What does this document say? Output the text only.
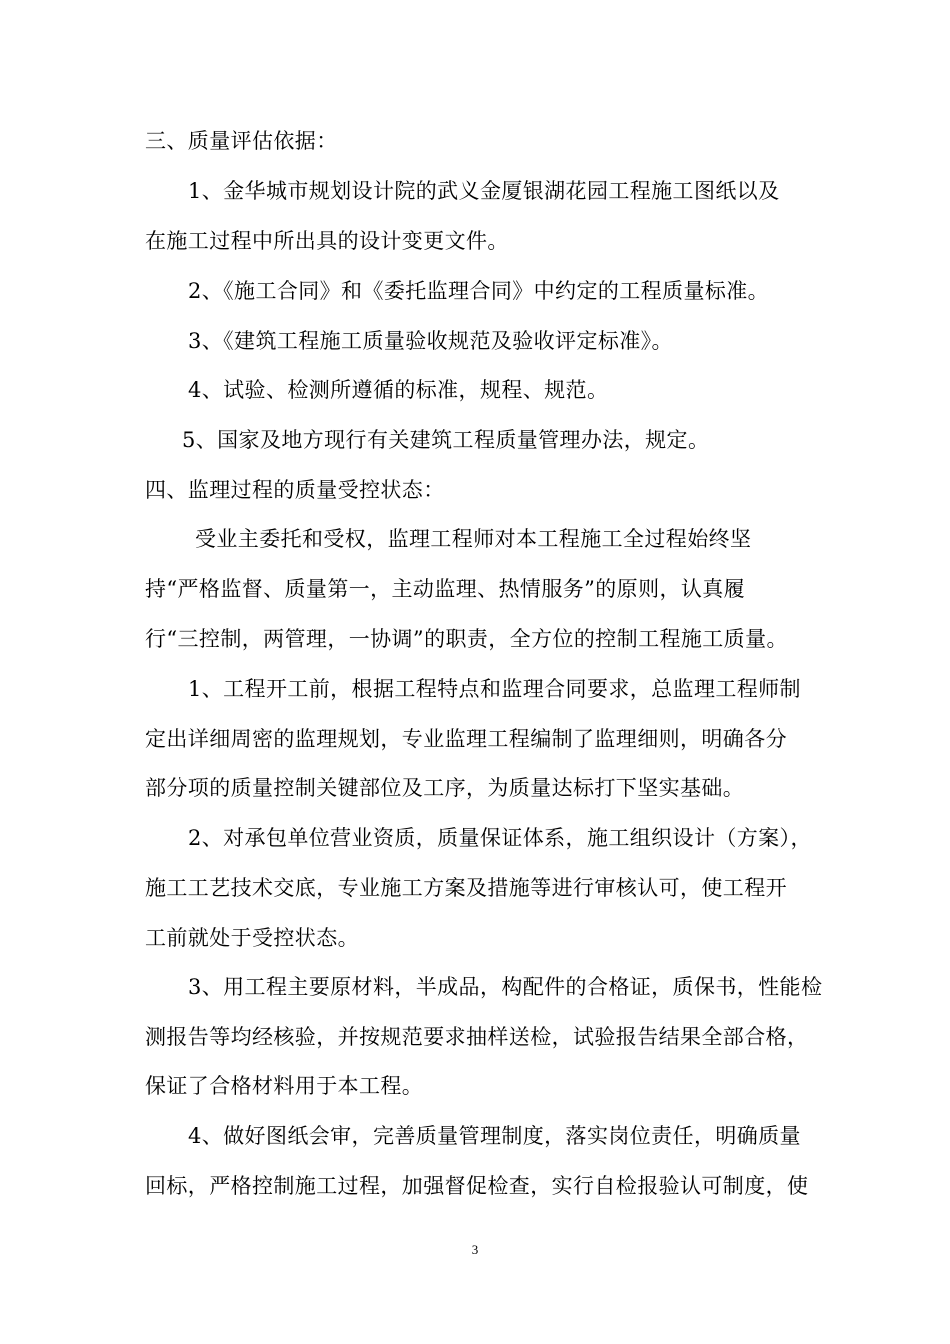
三、质量评估依据：
1、金华城市规划设计院的武义金厦银湖花园工程施工图纸以及
在施工过程中所出具的设计变更文件。
2、《施工合同》和《委托监理合同》中约定的工程质量标准。
3、《建筑工程施工质量验收规范及验收评定标准》。
4、试验、检测所遵循的标准，规程、规范。
5、国家及地方现行有关建筑工程质量管理办法，规定。
四、监理过程的质量受控状态：
受业主委托和受权，监理工程师对本工程施工全过程始终坚
持“严格监督、质量第一，主动监理、热情服务”的原则，认真履
行“三控制，两管理，一协调”的职责，全方位的控制工程施工质量。
1、工程开工前，根据工程特点和监理合同要求，总监理工程师制
定出详细周密的监理规划，专业监理工程编制了监理细则，明确各分
部分项的质量控制关键部位及工序，为质量达标打下坚实基础。
2、对承包单位营业资质，质量保证体系，施工组织设计（方案），
施工工艺技术交底，专业施工方案及措施等进行审核认可，使工程开
工前就处于受控状态。
3、用工程主要原材料，半成品，构配件的合格证，质保书，性能检
测报告等均经核验，并按规范要求抽样送检，试验报告结果全部合格，
保证了合格材料用于本工程。
4、做好图纸会审，完善质量管理制度，落实岗位责任，明确质量
回标，严格控制施工过程，加强督促检查，实行自检报验认可制度，使
3
